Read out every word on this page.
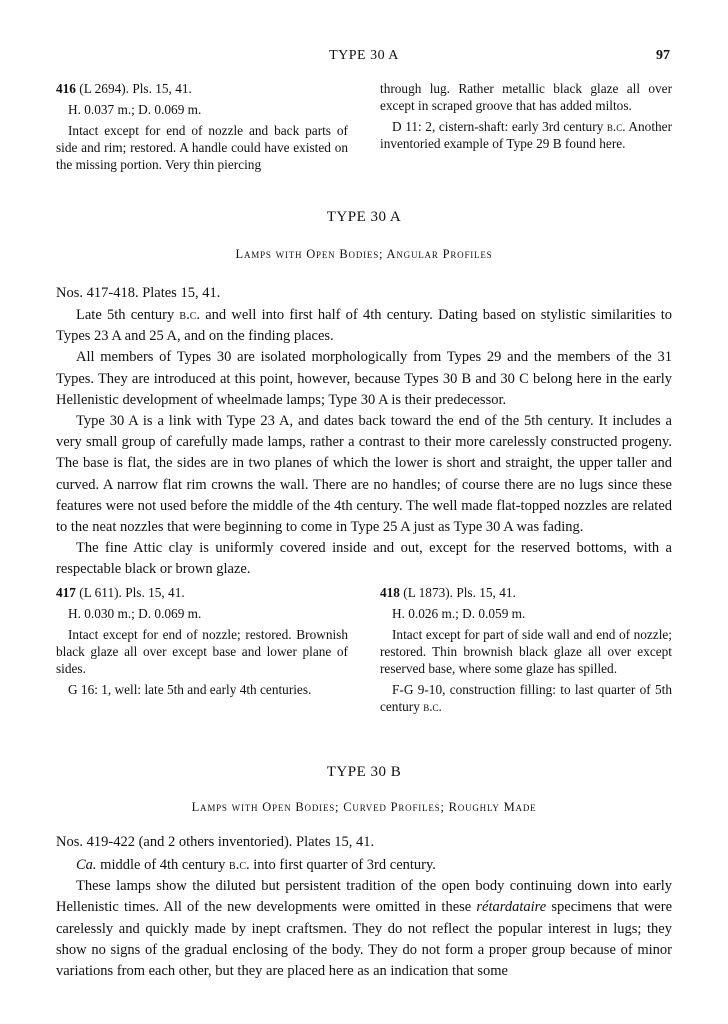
TYPE 30 A	97

416 (L 2694). Pls. 15, 41.

H. 0.037 m.; D. 0.069 m.

Intact except for end of nozzle and back parts of side and rim; restored. A handle could have existed on the missing portion. Very thin piercing

through lug. Rather metallic black glaze all over except in scraped groove that has added miltos.

D 11: 2, cistern-shaft: early 3rd century b.c. Another inventoried example of Type 29 B found here.

TYPE 30 A
Lamps with Open Bodies; Angular Profiles
Nos. 417-418. Plates 15, 41.

Late 5th century b.c. and well into first half of 4th century. Dating based on stylistic similarities to Types 23 A and 25 A, and on the finding places.

All members of Types 30 are isolated morphologically from Types 29 and the members of the 31 Types. They are introduced at this point, however, because Types 30 B and 30 C belong here in the early Hellenistic development of wheelmade lamps; Type 30 A is their predecessor.

Type 30 A is a link with Type 23 A, and dates back toward the end of the 5th century. It includes a very small group of carefully made lamps, rather a contrast to their more carelessly constructed progeny. The base is flat, the sides are in two planes of which the lower is short and straight, the upper taller and curved. A narrow flat rim crowns the wall. There are no handles; of course there are no lugs since these features were not used before the middle of the 4th century. The well made flat-topped nozzles are related to the neat nozzles that were beginning to come in Type 25 A just as Type 30 A was fading.

The fine Attic clay is uniformly covered inside and out, except for the reserved bottoms, with a respectable black or brown glaze.

417 (L 611). Pls. 15, 41.

H. 0.030 m.; D. 0.069 m.

Intact except for end of nozzle; restored. Brownish black glaze all over except base and lower plane of sides.

G 16: 1, well: late 5th and early 4th centuries.

418 (L 1873). Pls. 15, 41.

H. 0.026 m.; D. 0.059 m.

Intact except for part of side wall and end of nozzle; restored. Thin brownish black glaze all over except reserved base, where some glaze has spilled.

F-G 9-10, construction filling: to last quarter of 5th century b.c.

TYPE 30 B
Lamps with Open Bodies; Curved Profiles; Roughly Made
Nos. 419-422 (and 2 others inventoried). Plates 15, 41.

Ca. middle of 4th century b.c. into first quarter of 3rd century.

These lamps show the diluted but persistent tradition of the open body continuing down into early Hellenistic times. All of the new developments were omitted in these rétardataire specimens that were carelessly and quickly made by inept craftsmen. They do not reflect the popular interest in lugs; they show no signs of the gradual enclosing of the body. They do not form a proper group because of minor variations from each other, but they are placed here as an indication that some
